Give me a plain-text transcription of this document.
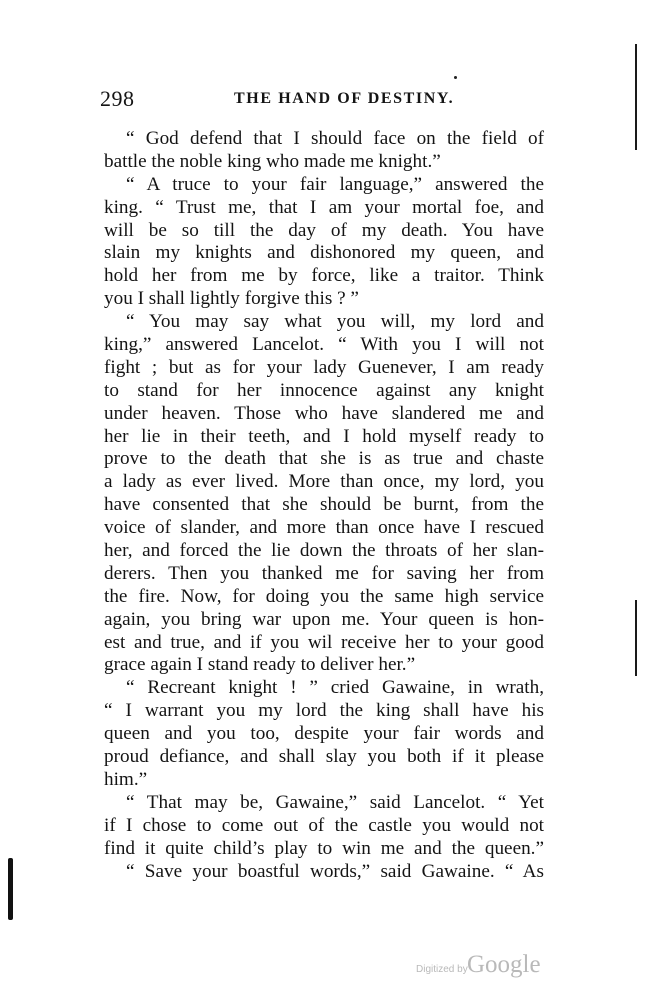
298	THE HAND OF DESTINY.
“ God defend that I should face on the field of
battle the noble king who made me knight.”
“ A truce to your fair language,” answered the
king. “ Trust me, that I am your mortal foe, and
will be so till the day of my death. You have
slain my knights and dishonored my queen, and
hold her from me by force, like a traitor. Think
you I shall lightly forgive this ? ”
“ You may say what you will, my lord and
king,” answered Lancelot. “ With you I will not
fight ; but as for your lady Guenever, I am ready
to stand for her innocence against any knight
under heaven. Those who have slandered me and
her lie in their teeth, and I hold myself ready to
prove to the death that she is as true and chaste
a lady as ever lived. More than once, my lord, you
have consented that she should be burnt, from the
voice of slander, and more than once have I rescued
her, and forced the lie down the throats of her slan-
derers. Then you thanked me for saving her from
the fire. Now, for doing you the same high service
again, you bring war upon me. Your queen is hon-
est and true, and if you wil receive her to your good
grace again I stand ready to deliver her.”
“ Recreant knight ! ” cried Gawaine, in wrath,
“ I warrant you my lord the king shall have his
queen and you too, despite your fair words and
proud defiance, and shall slay you both if it please
him.”
“ That may be, Gawaine,” said Lancelot. “ Yet
if I chose to come out of the castle you would not
find it quite child’s play to win me and the queen.”
“ Save your boastful words,” said Gawaine. “ As
Digitized by Google
